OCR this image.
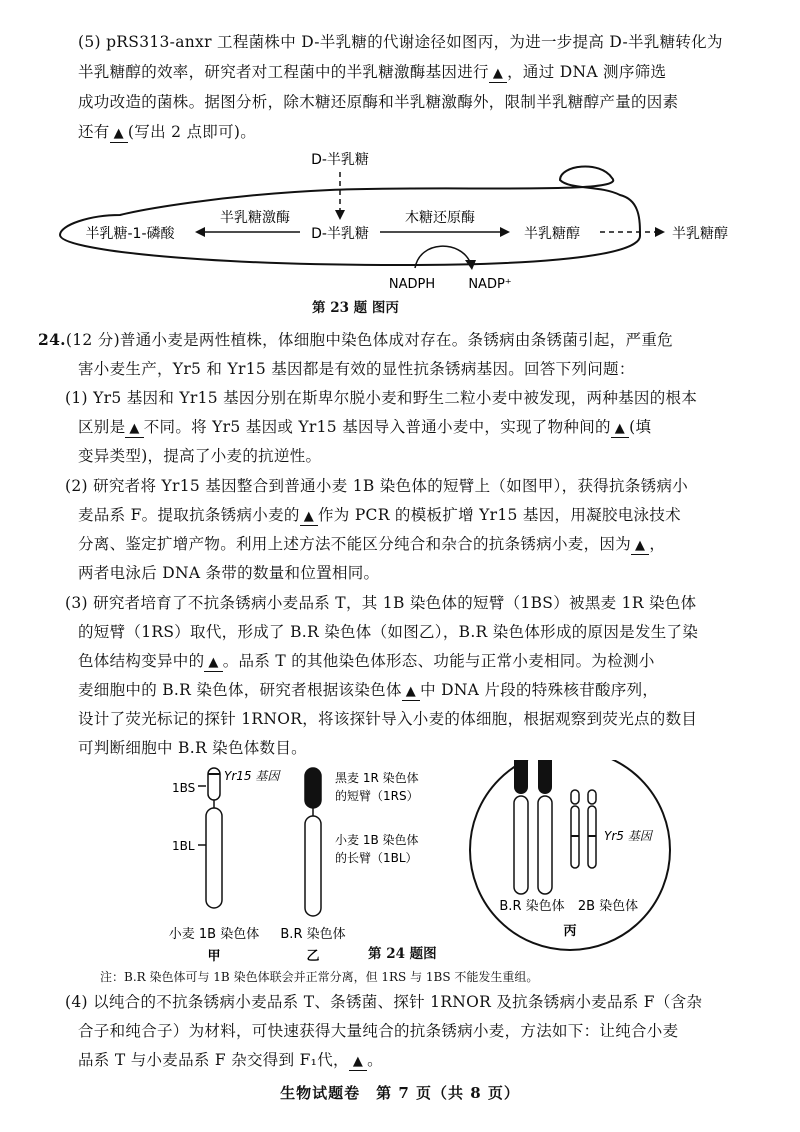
(5) pRS313-anxr 工程菌株中 D-半乳糖的代谢途径如图丙，为进一步提高 D-半乳糖转化为

半乳糖醇的效率，研究者对工程菌中的半乳糖激酶基因进行 ▲ ，通过 DNA 测序筛选

成功改造的菌株。据图分析，除木糖还原酶和半乳糖激酶外，限制半乳糖醇产量的因素

还有 ▲ (写出 2 点即可)。

D-半乳糖
D-半乳糖
半乳糖激酶
半乳糖-1-磷酸
木糖还原酶
半乳糖醇
NADPH	NADP⁺
半乳糖醇
第 23 题 图丙

24.(12 分)普通小麦是两性植株，体细胞中染色体成对存在。条锈病由条锈菌引起，严重危

害小麦生产，Yr5 和 Yr15 基因都是有效的显性抗条锈病基因。回答下列问题：

(1) Yr5 基因和 Yr15 基因分别在斯卑尔脱小麦和野生二粒小麦中被发现，两种基因的根本

区别是 ▲ 不同。将 Yr5 基因或 Yr15 基因导入普通小麦中，实现了物种间的 ▲ (填

变异类型)，提高了小麦的抗逆性。

(2) 研究者将 Yr15 基因整合到普通小麦 1B 染色体的短臂上（如图甲），获得抗条锈病小

麦品系 F。提取抗条锈病小麦的 ▲ 作为 PCR 的模板扩增 Yr15 基因，用凝胶电泳技术

分离、鉴定扩增产物。利用上述方法不能区分纯合和杂合的抗条锈病小麦，因为 ▲ ，

两者电泳后 DNA 条带的数量和位置相同。

(3) 研究者培育了不抗条锈病小麦品系 T，其 1B 染色体的短臂（1BS）被黑麦 1R 染色体

的短臂（1RS）取代，形成了 B.R 染色体（如图乙），B.R 染色体形成的原因是发生了染

色体结构变异中的 ▲ 。品系 T 的其他染色体形态、功能与正常小麦相同。为检测小

麦细胞中的 B.R 染色体，研究者根据该染色体 ▲ 中 DNA 片段的特殊核苷酸序列，

设计了荧光标记的探针 1RNOR，将该探针导入小麦的体细胞，根据观察到荧光点的数目

可判断细胞中 B.R 染色体数目。

1BS
1BL
Yr15 基因
小麦 1B 染色体
甲
黑麦 1R 染色体
的短臂（1RS）
小麦 1B 染色体
的长臂（1BL）
B.R 染色体
乙
Yr5 基因
B.R 染色体 2B 染色体
丙
第 24 题图
注：B.R 染色体可与 1B 染色体联会并正常分离，但 1RS 与 1BS 不能发生重组。

(4) 以纯合的不抗条锈病小麦品系 T、条锈菌、探针 1RNOR 及抗条锈病小麦品系 F（含杂

合子和纯合子）为材料，可快速获得大量纯合的抗条锈病小麦，方法如下：让纯合小麦

品系 T 与小麦品系 F 杂交得到 F₁代， ▲ 。

生物试题卷　第 7 页（共 8 页）
